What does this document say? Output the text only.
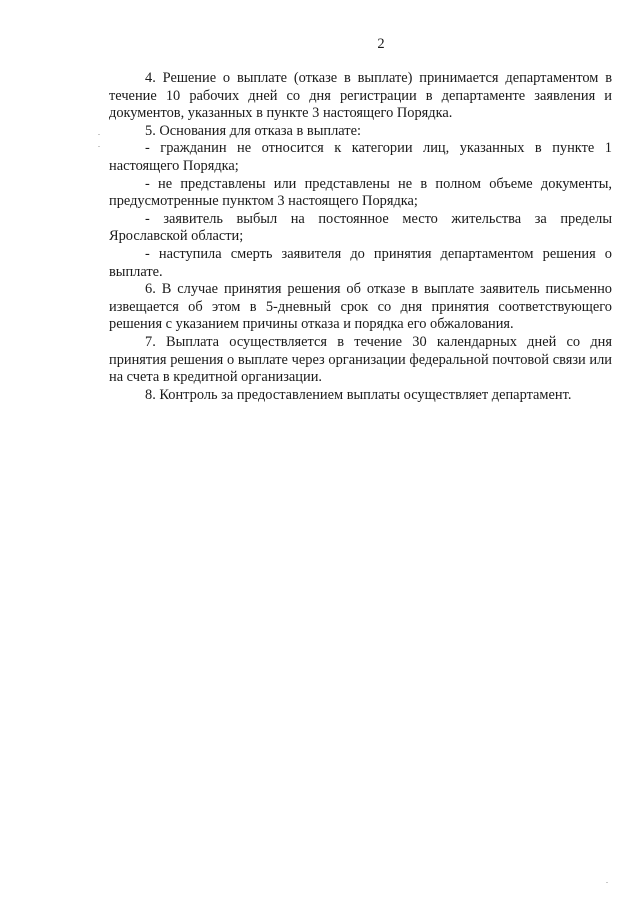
2

4. Решение о выплате (отказе в выплате) принимается департаментом в течение 10 рабочих дней со дня регистрации в департаменте заявления и документов, указанных в пункте 3 настоящего Порядка.

5. Основания для отказа в выплате:

- гражданин не относится к категории лиц, указанных в пункте 1 настоящего Порядка;

- не представлены или представлены не в полном объеме документы, предусмотренные пунктом 3 настоящего Порядка;

- заявитель выбыл на постоянное место жительства за пределы Ярославской области;

- наступила смерть заявителя до принятия департаментом решения о выплате.

6. В случае принятия решения об отказе в выплате заявитель письменно извещается об этом в 5-дневный срок со дня принятия соответствующего решения с указанием причины отказа и порядка его обжалования.

7. Выплата осуществляется в течение 30 календарных дней со дня принятия решения о выплате через организации федеральной почтовой связи или на счета в кредитной организации.

8. Контроль за предоставлением выплаты осуществляет департамент.
